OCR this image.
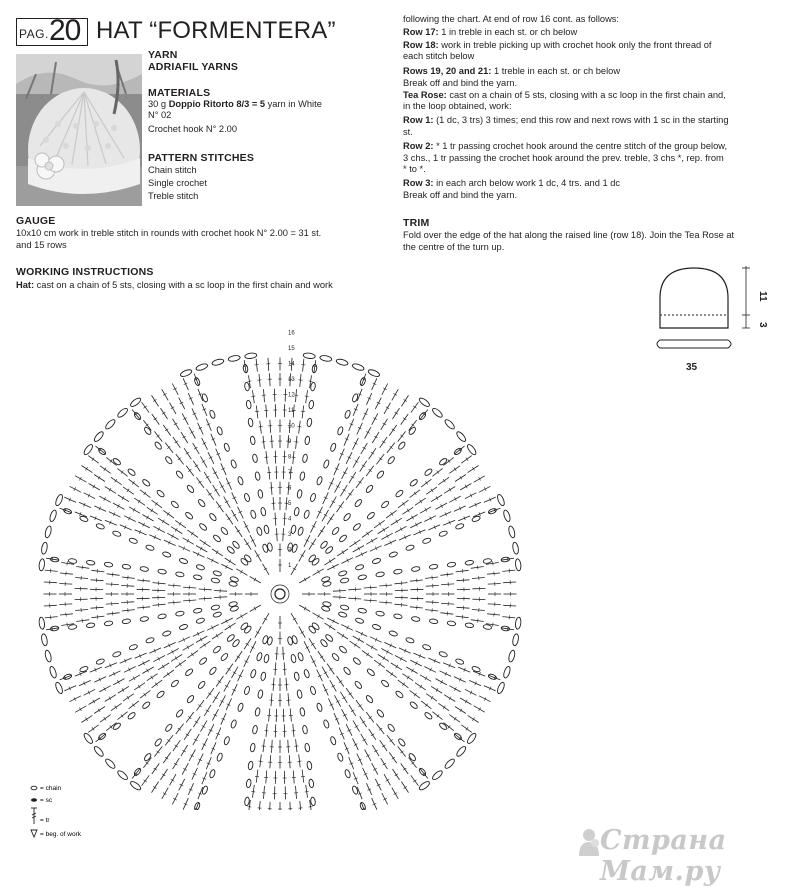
PAG. 20 HAT “FORMENTERA”
YARN
ADRIAFIL YARNS
MATERIALS
30 g Doppio Ritorto 8/3 = 5 yarn in White
N° 02
Crochet hook N° 2.00
PATTERN STITCHES
Chain stitch
Single crochet
Treble stitch
GAUGE
10x10 cm work in treble stitch in rounds with crochet hook N° 2.00 = 31 st.
and 15 rows
WORKING INSTRUCTIONS
Hat: cast on a chain of 5 sts, closing with a sc loop in the first chain and work
following the chart. At end of row 16 cont. as follows:
Row 17: 1 in treble in each st. or ch below
Row 18: work in treble picking up with crochet hook only the front thread of
each stitch below
Rows 19, 20 and 21: 1 treble in each st. or ch below
Break off and bind the yarn.
Tea Rose: cast on a chain of 5 sts, closing with a sc loop in the first chain and,
in the loop obtained, work:
Row 1: (1 dc, 3 trs) 3 times; end this row and next rows with 1 sc in the starting
st.
Row 2: * 1 tr passing crochet hook around the centre stitch of the group below,
3 chs., 1 tr passing the crochet hook around the prev. treble, 3 chs *, rep. from
* to *.
Row 3: in each arch below work 1 dc, 4 trs. and 1 dc
Break off and bind the yarn.
TRIM
Fold over the edge of the hat along the raised line (row 18). Join the Tea Rose at
the centre of the turn up.
11
3
35
16
15
14
13
12
11
10
9
8
7
6
5
4
3
2
1
= chain
= sc
= tr
= beg. of work	Страна Мам.ру
